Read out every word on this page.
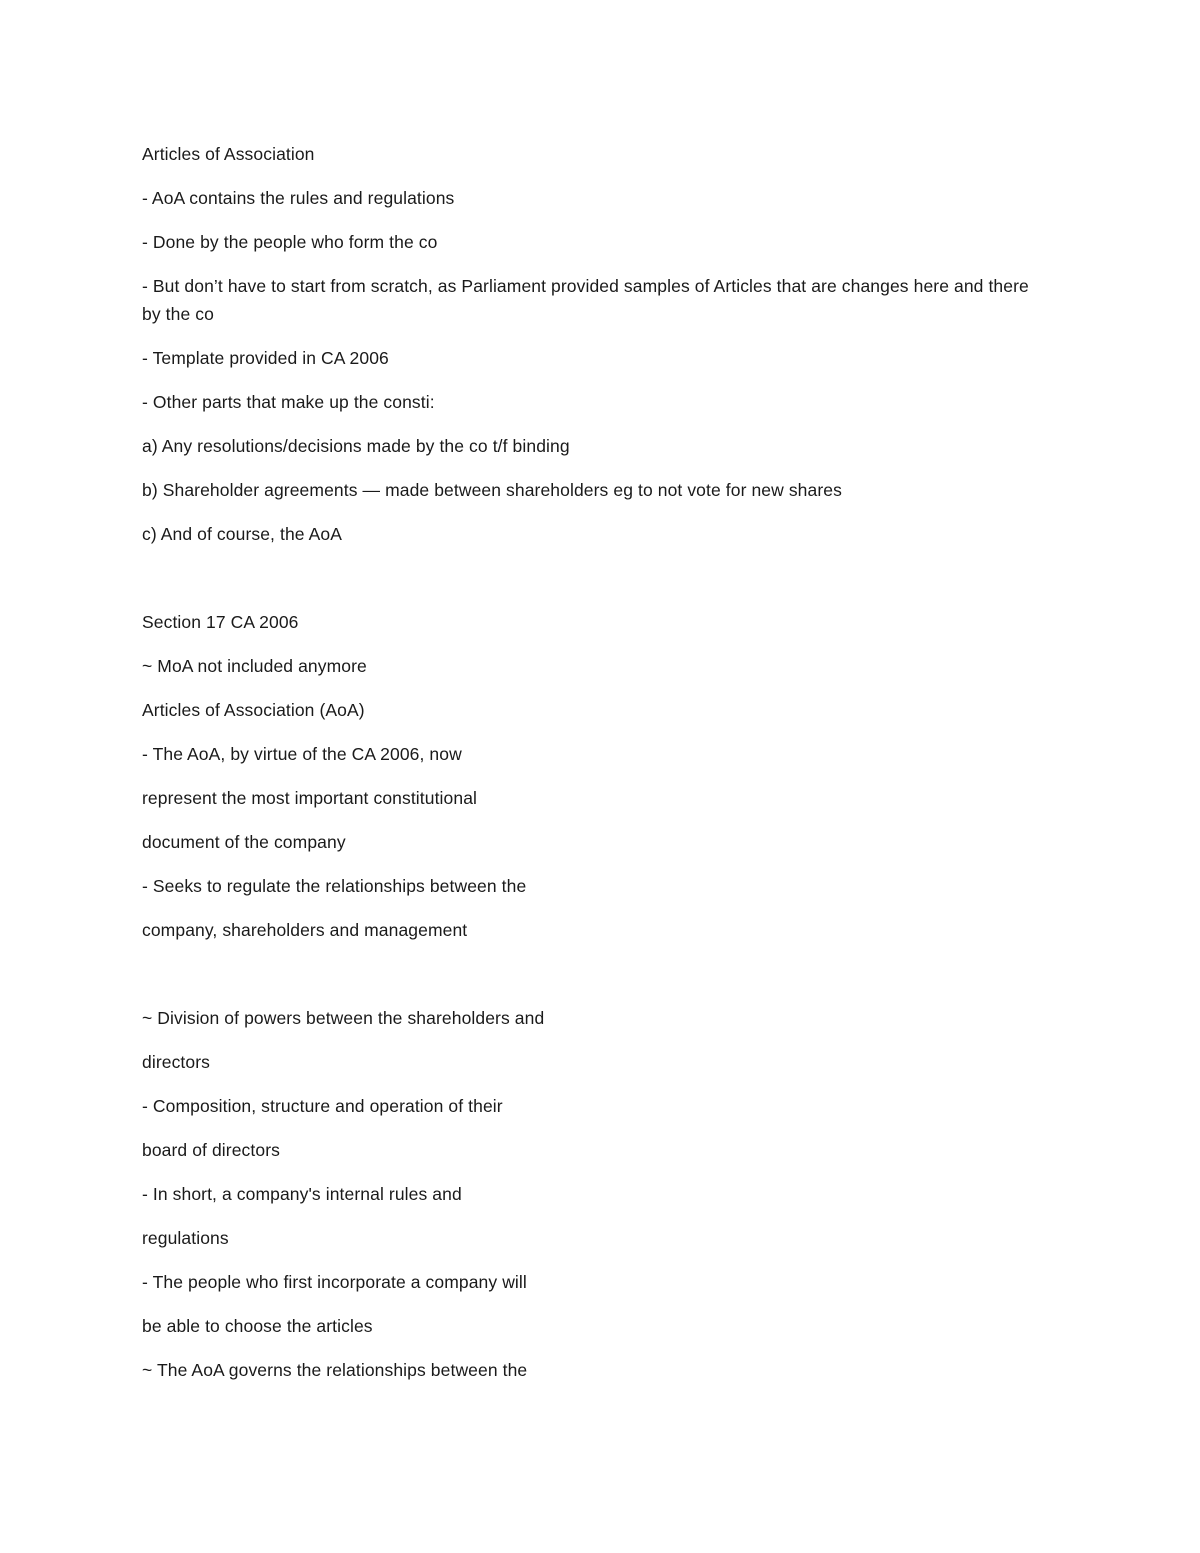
Articles of Association

- AoA contains the rules and regulations

- Done by the people who form the co

- But don’t have to start from scratch, as Parliament provided samples of Articles that are changes here and there by the co

- Template provided in CA 2006

- Other parts that make up the consti:

a) Any resolutions/decisions made by the co t/f binding

b) Shareholder agreements — made between shareholders eg to not vote for new shares

c) And of course, the AoA

Section 17 CA 2006

~ MoA not included anymore

Articles of Association (AoA)

- The AoA, by virtue of the CA 2006, now

represent the most important constitutional

document of the company

- Seeks to regulate the relationships between the

company, shareholders and management

~ Division of powers between the shareholders and

directors

- Composition, structure and operation of their

board of directors

- In short, a company's internal rules and

regulations

- The people who first incorporate a company will

be able to choose the articles

~ The AoA governs the relationships between the
